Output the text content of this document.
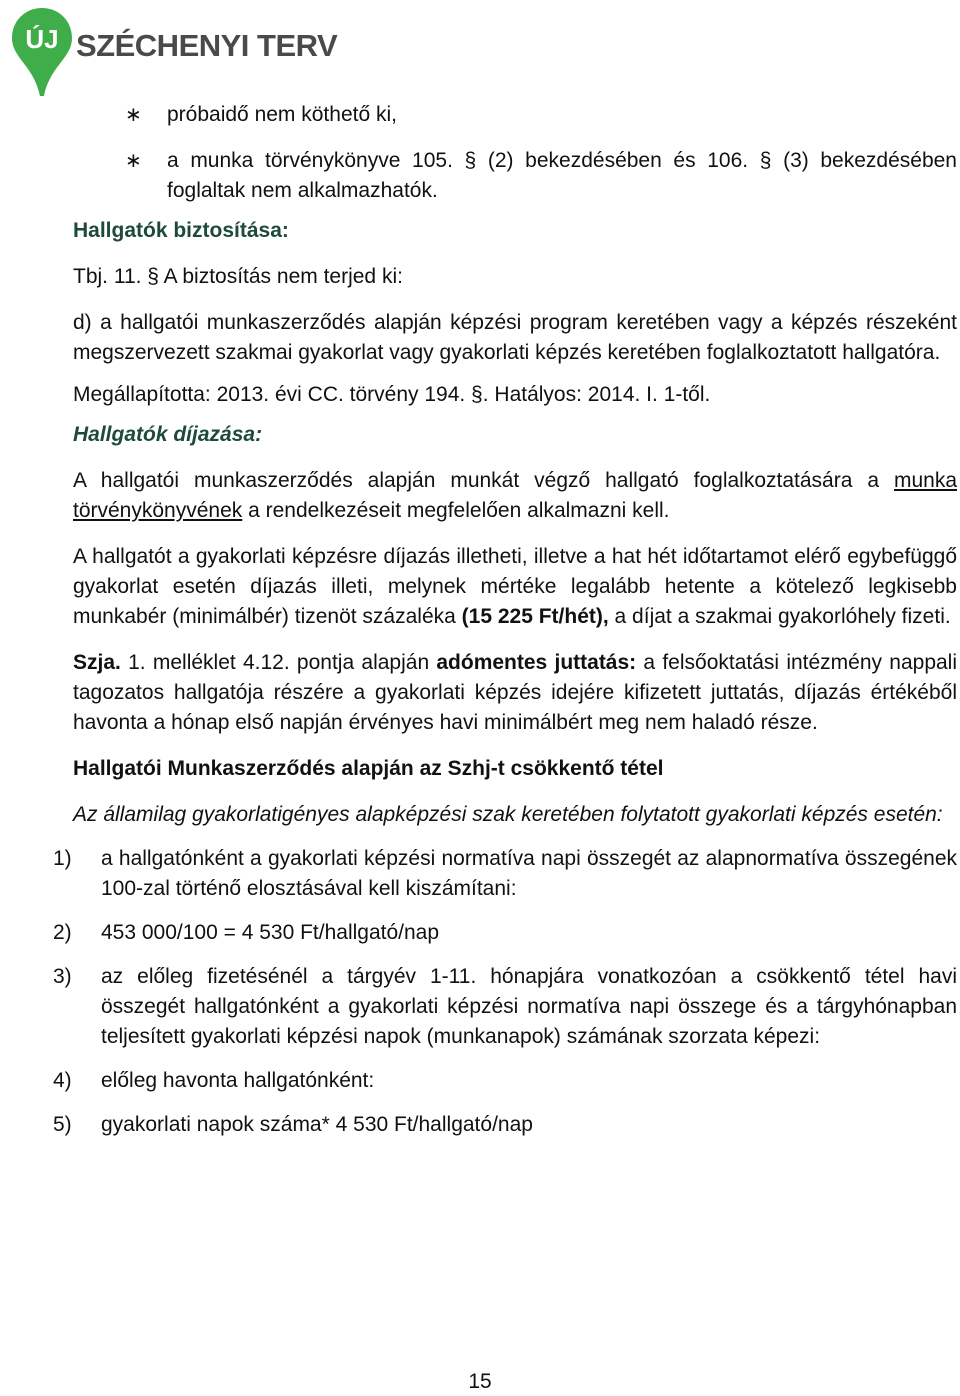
ÚJ SZÉCHENYI TERV
∗ próbaidő nem köthető ki,
∗ a munka törvénykönyve 105. § (2) bekezdésében és 106. § (3) bekezdésében foglaltak nem alkalmazhatók.
Hallgatók biztosítása:
Tbj. 11. § A biztosítás nem terjed ki:
d) a hallgatói munkaszerződés alapján képzési program keretében vagy a képzés részeként megszervezett szakmai gyakorlat vagy gyakorlati képzés keretében foglalkoztatott hallgatóra.
Megállapította: 2013. évi CC. törvény 194. §. Hatályos: 2014. I. 1-től.
Hallgatók díjazása:
A hallgatói munkaszerződés alapján munkát végző hallgató foglalkoztatására a munka törvénykönyvének a rendelkezéseit megfelelően alkalmazni kell.
A hallgatót a gyakorlati képzésre díjazás illetheti, illetve a hat hét időtartamot elérő egybefüggő gyakorlat esetén díjazás illeti, melynek mértéke legalább hetente a kötelező legkisebb munkabér (minimálbér) tizenöt százaléka (15 225 Ft/hét), a díjat a szakmai gyakorlóhely fizeti.
Szja. 1. melléklet 4.12. pontja alapján adómentes juttatás: a felsőoktatási intézmény nappali tagozatos hallgatója részére a gyakorlati képzés idejére kifizetett juttatás, díjazás értékéből havonta a hónap első napján érvényes havi minimálbért meg nem haladó része.
Hallgatói Munkaszerződés alapján az Szhj-t csökkentő tétel
Az államilag gyakorlatigényes alapképzési szak keretében folytatott gyakorlati képzés esetén:
1)	a hallgatónként a gyakorlati képzési normatíva napi összegét az alapnormatíva összegének 100-zal történő elosztásával kell kiszámítani:
2)	453 000/100 = 4 530 Ft/hallgató/nap
3)	az előleg fizetésénél a tárgyév 1-11. hónapjára vonatkozóan a csökkentő tétel havi összegét hallgatónként a gyakorlati képzési normatíva napi összege és a tárgyhónapban teljesített gyakorlati képzési napok (munkanapok) számának szorzata képezi:
4)	előleg havonta hallgatónként:
5)	gyakorlati napok száma* 4 530 Ft/hallgató/nap
15
